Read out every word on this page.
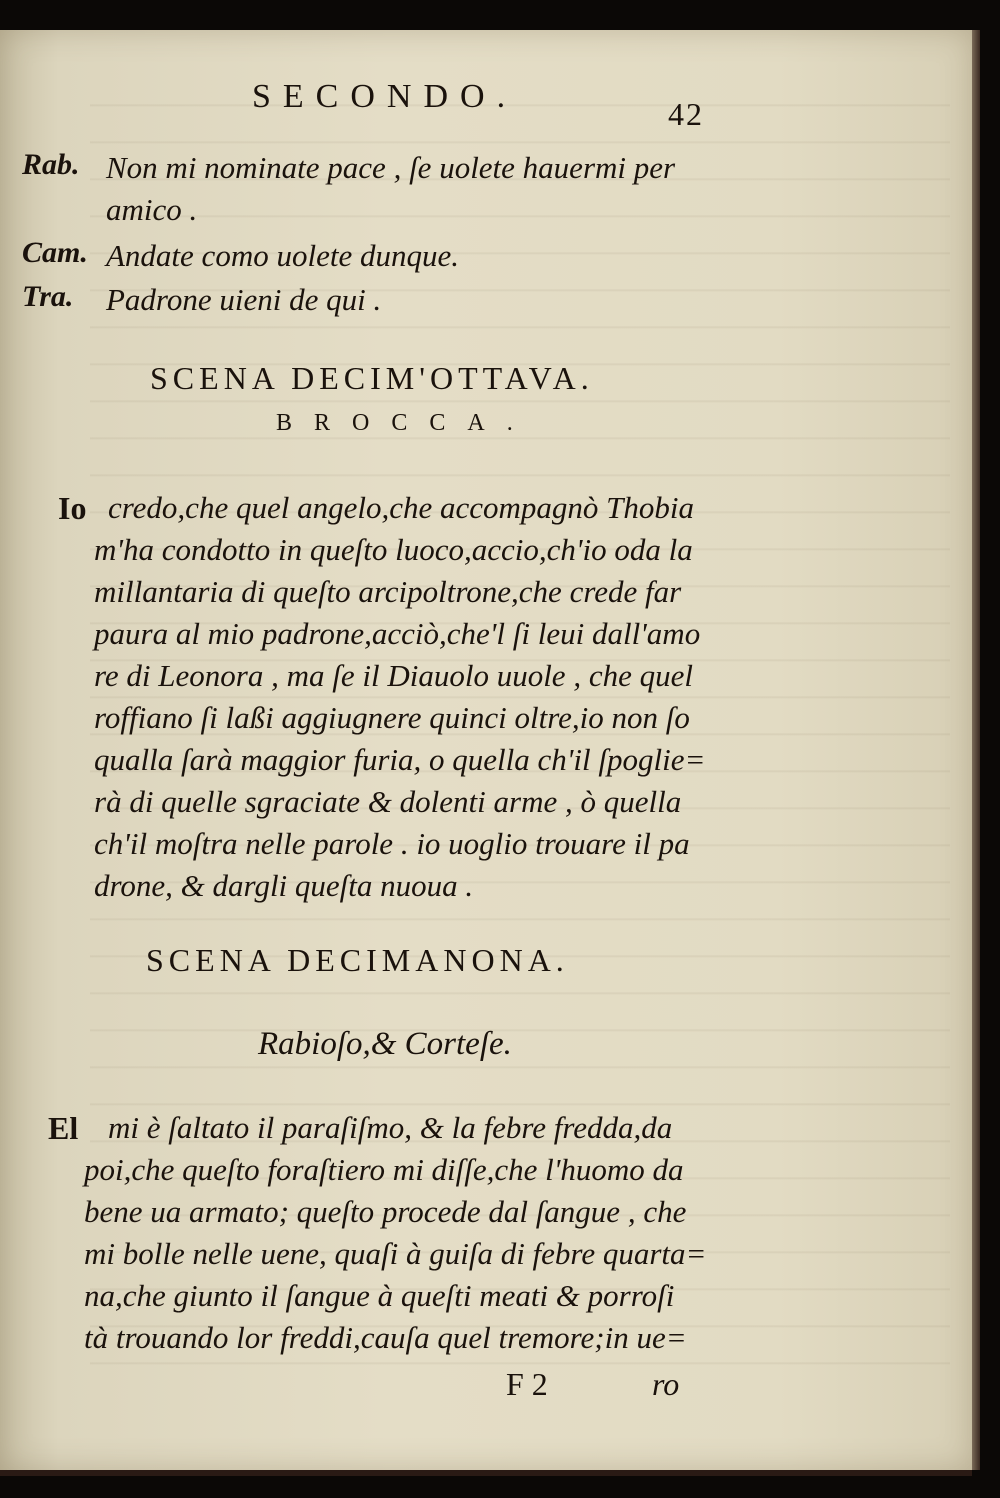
SECONDO.	42
Rab. Non mi nominate pace , ſe uolete hauermi per
amico .
Cam. Andate como uolete dunque.
Tra. Padrone uieni de qui .
SCENA DECIM'OTTAVA.
BROCCA.
Io credo,che quel angelo,che accompagnò Thobia
m'ha condotto in queſto luoco,accio,ch'io oda la
millantaria di queſto arcipoltrone,che crede far
paura al mio padrone,acciò,che'l ſi leui dall'amo
re di Leonora , ma ſe il Diauolo uuole , che quel
roffiano ſi laßi aggiugnere quinci oltre,io non ſo
qualla ſarà maggior furia, o quella ch'il ſpoglie=
rà di quelle sgraciate & dolenti arme , ò quella
ch'il moſtra nelle parole . io uoglio trouare il pa
drone, & dargli queſta nuoua .
SCENA DECIMANONA.
Rabioſo,& Corteſe.
El mi è ſaltato il paraſiſmo, & la febre fredda,da
poi,che queſto foraſtiero mi diſſe,che l'huomo da
bene ua armato; queſto procede dal ſangue , che
mi bolle nelle uene, quaſi à guiſa di febre quarta=
na,che giunto il ſangue à queſti meati & porroſi
tà trouando lor freddi,cauſa quel tremore;in ue=
F 2	ro
